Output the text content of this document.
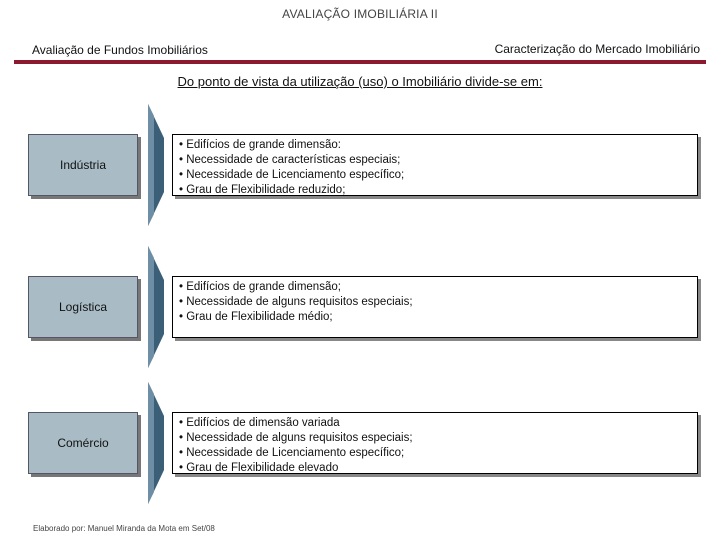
AVALIAÇÃO IMOBILIÁRIA II
Avaliação de Fundos Imobiliários	Caracterização do Mercado Imobiliário
Do ponto de vista da utilização (uso) o Imobiliário divide-se em:
Indústria
• Edifícios de grande dimensão:
• Necessidade de características especiais;
• Necessidade de Licenciamento específico;
• Grau de Flexibilidade reduzido;
Logística
• Edifícios de grande dimensão;
• Necessidade de alguns requisitos especiais;
• Grau de Flexibilidade médio;
Comércio
• Edifícios de dimensão variada
• Necessidade de alguns requisitos especiais;
• Necessidade de Licenciamento específico;
• Grau de Flexibilidade elevado
Elaborado por: Manuel Miranda da Mota em Set/08
